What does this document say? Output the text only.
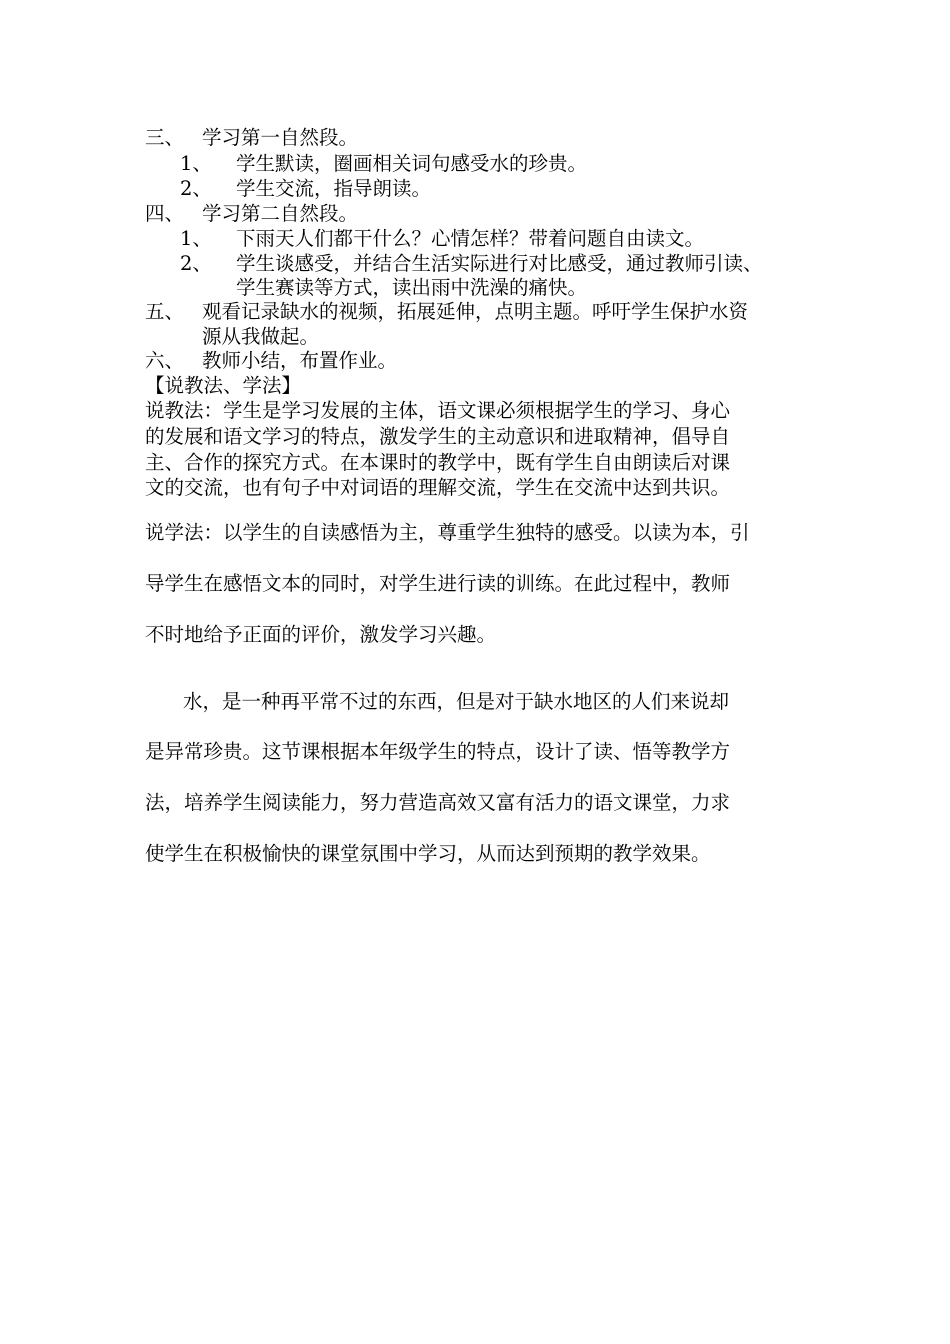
三、 学习第一自然段。
1、 学生默读，圈画相关词句感受水的珍贵。
2、 学生交流，指导朗读。
四、 学习第二自然段。
1、 下雨天人们都干什么？心情怎样？带着问题自由读文。
2、 学生谈感受，并结合生活实际进行对比感受，通过教师引读、
学生赛读等方式，读出雨中洗澡的痛快。
五、 观看记录缺水的视频，拓展延伸，点明主题。呼吁学生保护水资
源从我做起。
六、 教师小结，布置作业。
【说教法、学法】
说教法：学生是学习发展的主体，语文课必须根据学生的学习、身心
的发展和语文学习的特点，激发学生的主动意识和进取精神，倡导自
主、合作的探究方式。在本课时的教学中，既有学生自由朗读后对课
文的交流，也有句子中对词语的理解交流，学生在交流中达到共识。
说学法：以学生的自读感悟为主，尊重学生独特的感受。以读为本，引
导学生在感悟文本的同时，对学生进行读的训练。在此过程中，教师
不时地给予正面的评价，激发学习兴趣。
水，是一种再平常不过的东西，但是对于缺水地区的人们来说却
是异常珍贵。这节课根据本年级学生的特点，设计了读、悟等教学方
法，培养学生阅读能力，努力营造高效又富有活力的语文课堂，力求
使学生在积极愉快的课堂氛围中学习，从而达到预期的教学效果。
